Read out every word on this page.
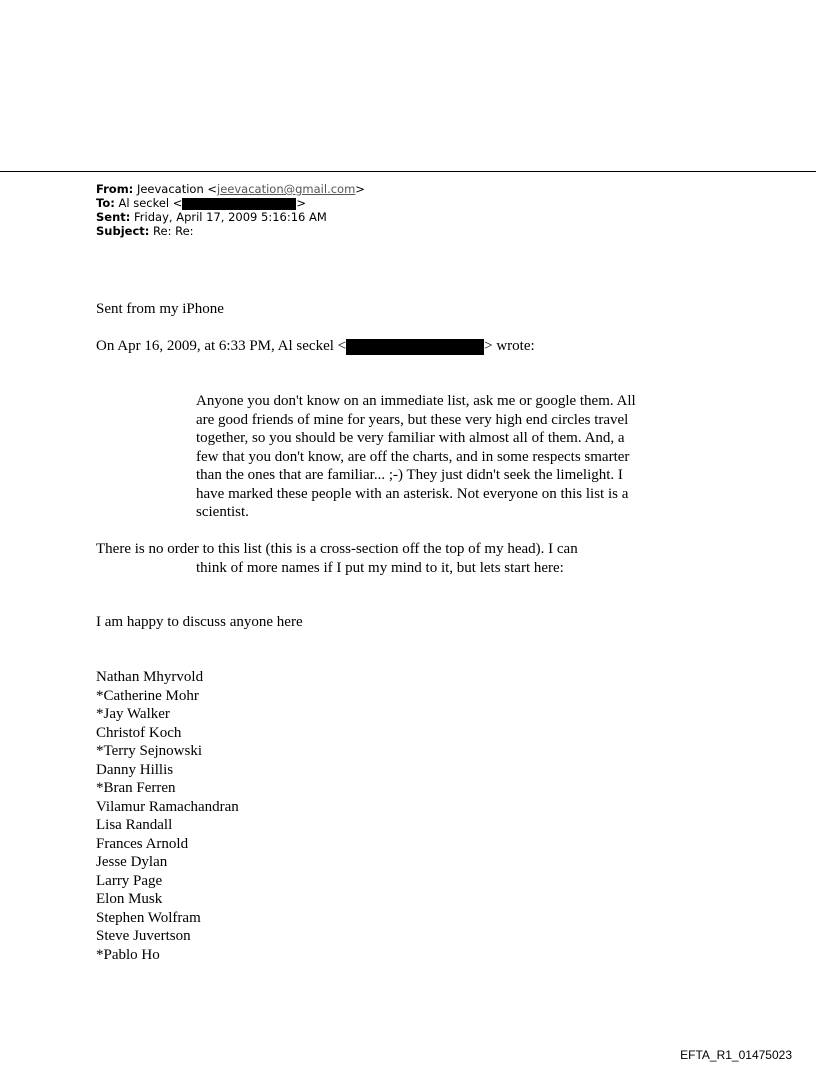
From: Jeevacation <jeevacation@gmail.com>
To: Al seckel <	>
Sent: Friday, April 17, 2009 5:16:16 AM
Subject: Re: Re:
Sent from my iPhone
On Apr 16, 2009, at 6:33 PM, Al seckel <	> wrote:
Anyone you don't know on an immediate list, ask me or google them. All are good friends of mine for years, but these very high end circles travel together, so you should be very familiar with almost all of them. And, a few that you don't know, are off the charts, and in some respects smarter than the ones that are familiar... ;-) They just didn't seek the limelight. I have marked these people with an asterisk. Not everyone on this list is a scientist.
There is no order to this list (this is a cross-section off the top of my head). I can
think of more names if I put my mind to it, but lets start here:
I am happy to discuss anyone here
Nathan Mhyrvold
*Catherine Mohr
*Jay Walker
Christof Koch
*Terry Sejnowski
Danny Hillis
*Bran Ferren
Vilamur Ramachandran
Lisa Randall
Frances Arnold
Jesse Dylan
Larry Page
Elon Musk
Stephen Wolfram
Steve Juvertson
*Pablo Ho
EFTA_R1_01475023
